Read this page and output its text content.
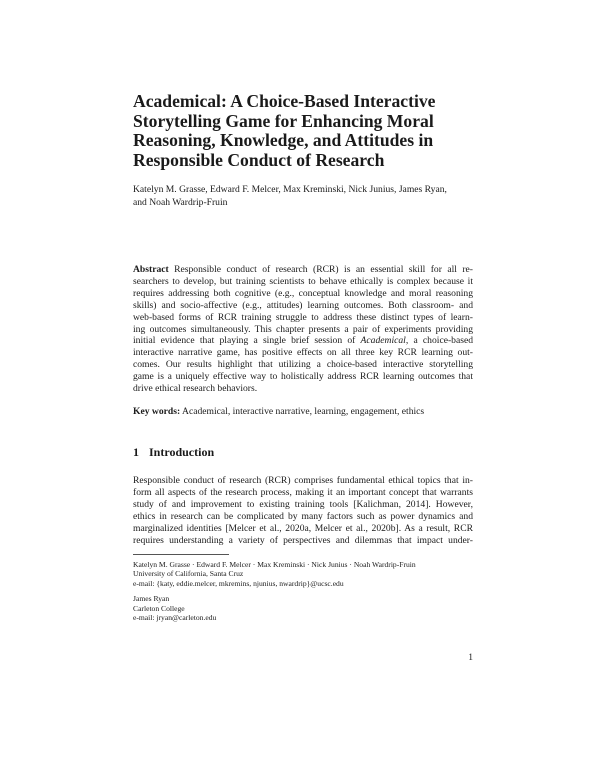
Academical: A Choice-Based Interactive
Storytelling Game for Enhancing Moral
Reasoning, Knowledge, and Attitudes in
Responsible Conduct of Research
Katelyn M. Grasse, Edward F. Melcer, Max Kreminski, Nick Junius, James Ryan,
and Noah Wardrip-Fruin
Abstract Responsible conduct of research (RCR) is an essential skill for all re-
searchers to develop, but training scientists to behave ethically is complex because it
requires addressing both cognitive (e.g., conceptual knowledge and moral reasoning
skills) and socio-affective (e.g., attitudes) learning outcomes. Both classroom- and
web-based forms of RCR training struggle to address these distinct types of learn-
ing outcomes simultaneously. This chapter presents a pair of experiments providing
initial evidence that playing a single brief session of Academical, a choice-based
interactive narrative game, has positive effects on all three key RCR learning out-
comes. Our results highlight that utilizing a choice-based interactive storytelling
game is a uniquely effective way to holistically address RCR learning outcomes that
drive ethical research behaviors.
Key words: Academical, interactive narrative, learning, engagement, ethics
1 Introduction
Responsible conduct of research (RCR) comprises fundamental ethical topics that in-
form all aspects of the research process, making it an important concept that warrants
study of and improvement to existing training tools [Kalichman, 2014]. However,
ethics in research can be complicated by many factors such as power dynamics and
marginalized identities [Melcer et al., 2020a, Melcer et al., 2020b]. As a result, RCR
requires understanding a variety of perspectives and dilemmas that impact under-
Katelyn M. Grasse · Edward F. Melcer · Max Kreminski · Nick Junius · Noah Wardrip-Fruin
University of California, Santa Cruz
e-mail: {katy, eddie.melcer, mkremins, njunius, nwardrip}@ucsc.edu
James Ryan
Carleton College
e-mail: jryan@carleton.edu
1
